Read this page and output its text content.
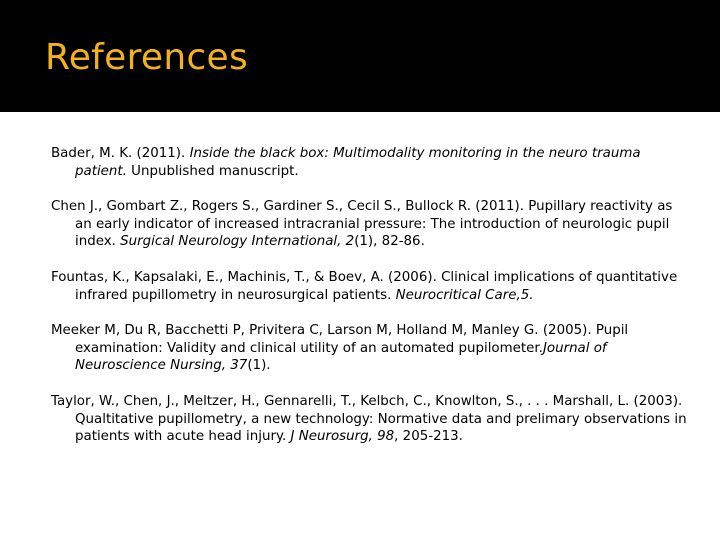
References
Bader, M. K. (2011). Inside the black box: Multimodality monitoring in the neuro trauma patient. Unpublished manuscript.
Chen J., Gombart Z., Rogers S., Gardiner S., Cecil S., Bullock R. (2011). Pupillary reactivity as an early indicator of increased intracranial pressure: The introduction of neurologic pupil index. Surgical Neurology International, 2(1), 82-86.
Fountas, K., Kapsalaki, E., Machinis, T., & Boev, A. (2006). Clinical implications of quantitative infrared pupillometry in neurosurgical patients. Neurocritical Care,5.
Meeker M, Du R, Bacchetti P, Privitera C, Larson M, Holland M, Manley G. (2005). Pupil examination: Validity and clinical utility of an automated pupilometer.Journal of Neuroscience Nursing, 37(1).
Taylor, W., Chen, J., Meltzer, H., Gennarelli, T., Kelbch, C., Knowlton, S., . . . Marshall, L. (2003). Qualtitative pupillometry, a new technology: Normative data and prelimary observations in patients with acute head injury. J Neurosurg, 98, 205-213.
